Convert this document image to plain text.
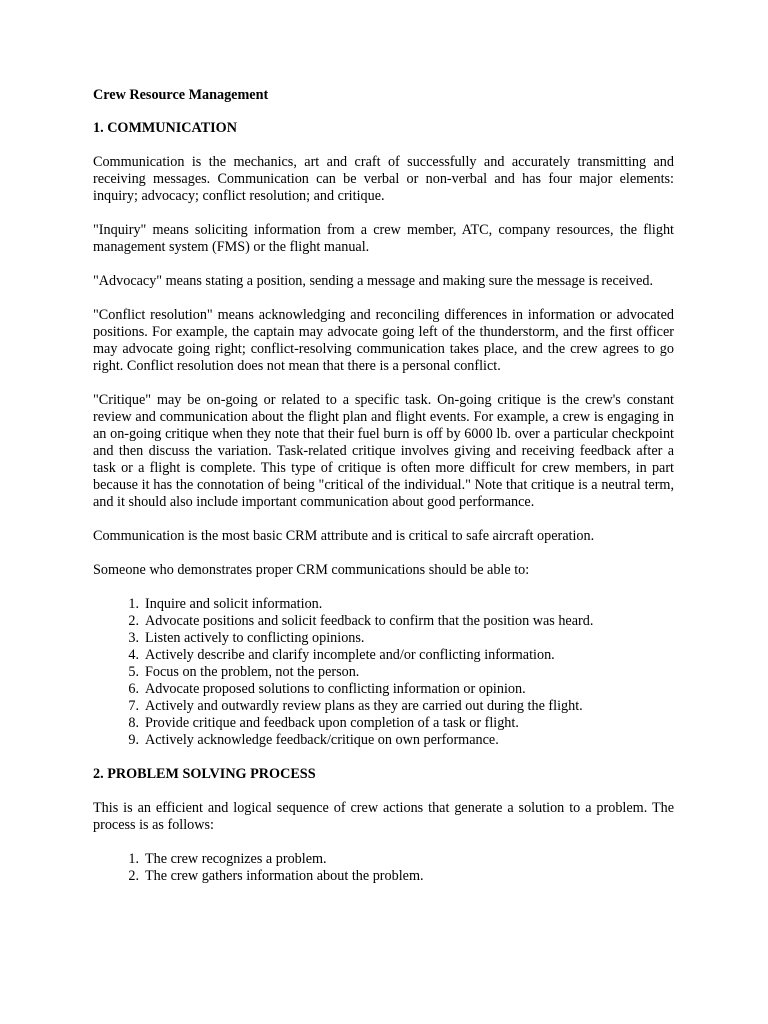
Crew Resource Management
1. COMMUNICATION

Communication is the mechanics, art and craft of successfully and accurately transmitting and receiving messages. Communication can be verbal or non-verbal and has four major elements: inquiry; advocacy; conflict resolution; and critique.

"Inquiry" means soliciting information from a crew member, ATC, company resources, the flight management system (FMS) or the flight manual.

"Advocacy" means stating a position, sending a message and making sure the message is received.

"Conflict resolution" means acknowledging and reconciling differences in information or advocated positions. For example, the captain may advocate going left of the thunderstorm, and the first officer may advocate going right; conflict-resolving communication takes place, and the crew agrees to go right. Conflict resolution does not mean that there is a personal conflict.

"Critique" may be on-going or related to a specific task. On-going critique is the crew's constant review and communication about the flight plan and flight events. For example, a crew is engaging in an on-going critique when they note that their fuel burn is off by 6000 lb. over a particular checkpoint and then discuss the variation. Task-related critique involves giving and receiving feedback after a task or a flight is complete. This type of critique is often more difficult for crew members, in part because it has the connotation of being "critical of the individual." Note that critique is a neutral term, and it should also include important communication about good performance.

Communication is the most basic CRM attribute and is critical to safe aircraft operation.

Someone who demonstrates proper CRM communications should be able to:

1. Inquire and solicit information.
2. Advocate positions and solicit feedback to confirm that the position was heard.
3. Listen actively to conflicting opinions.
4. Actively describe and clarify incomplete and/or conflicting information.
5. Focus on the problem, not the person.
6. Advocate proposed solutions to conflicting information or opinion.
7. Actively and outwardly review plans as they are carried out during the flight.
8. Provide critique and feedback upon completion of a task or flight.
9. Actively acknowledge feedback/critique on own performance.
2. PROBLEM SOLVING PROCESS

This is an efficient and logical sequence of crew actions that generate a solution to a problem. The process is as follows:

1. The crew recognizes a problem.
2. The crew gathers information about the problem.
